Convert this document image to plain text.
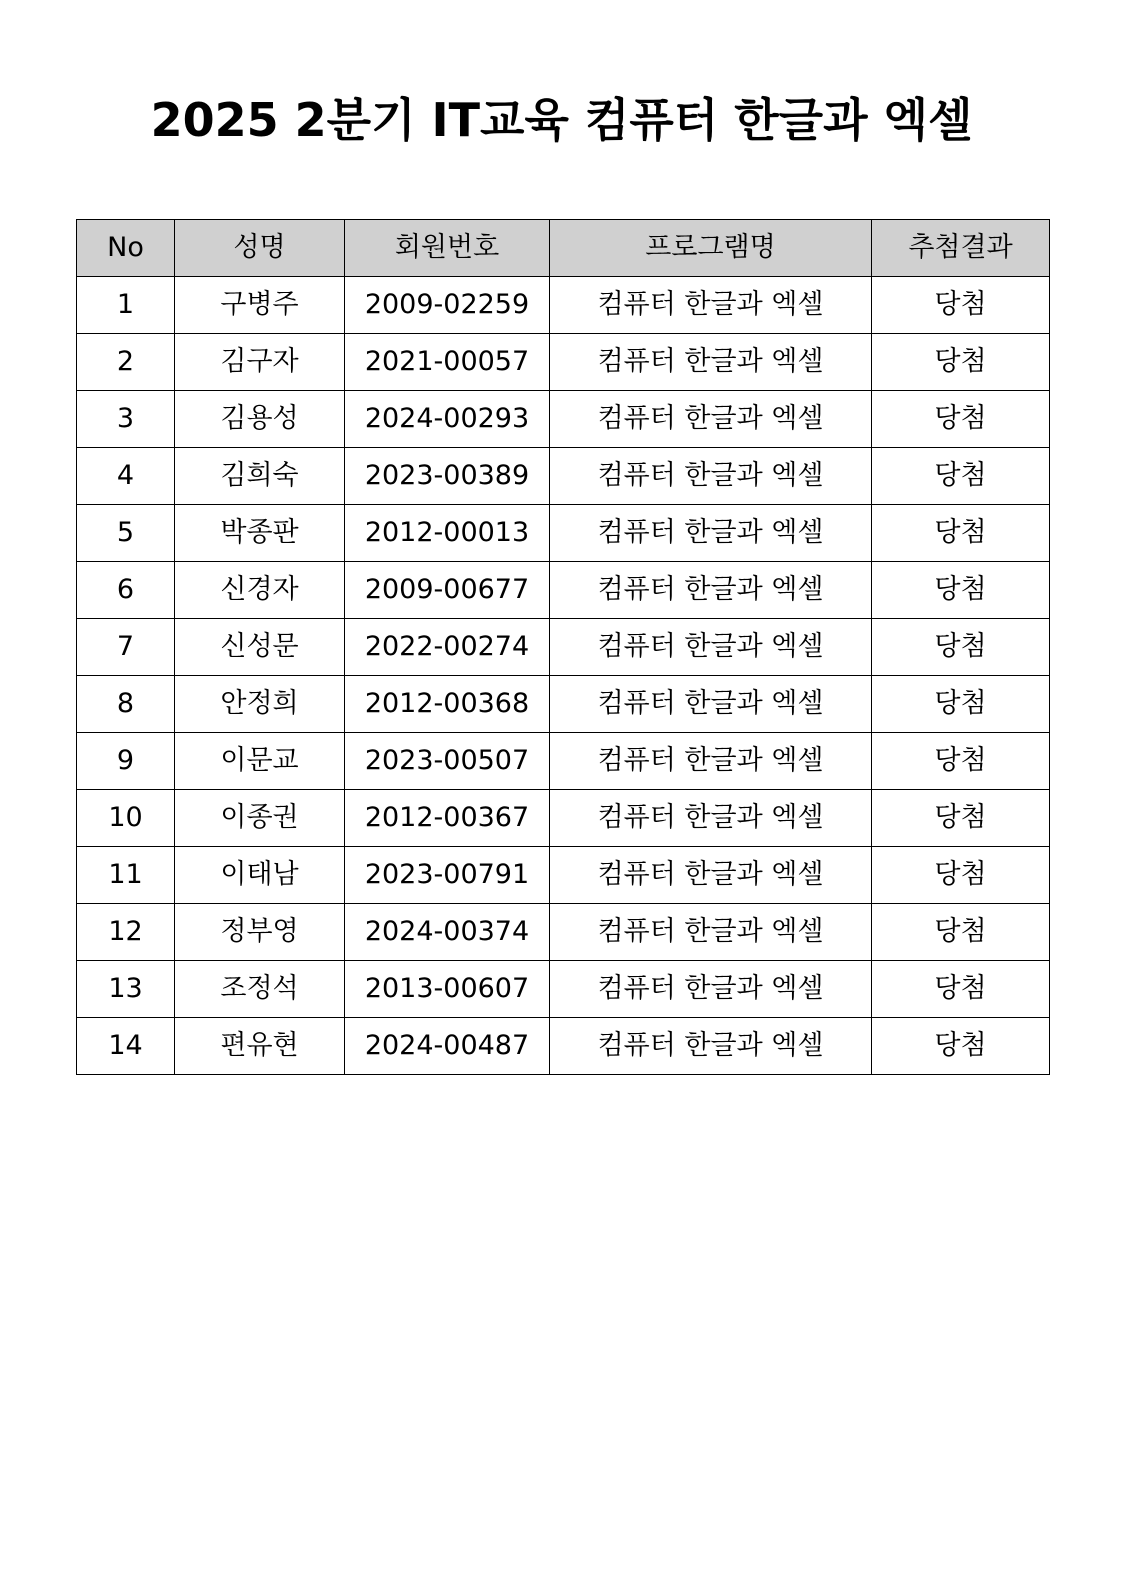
2025 2분기 IT교육 컴퓨터 한글과 엑셀
No	성명	회원번호	프로그램명	추첨결과
1	구병주	2009-02259	컴퓨터 한글과 엑셀	당첨
2	김구자	2021-00057	컴퓨터 한글과 엑셀	당첨
3	김용성	2024-00293	컴퓨터 한글과 엑셀	당첨
4	김희숙	2023-00389	컴퓨터 한글과 엑셀	당첨
5	박종판	2012-00013	컴퓨터 한글과 엑셀	당첨
6	신경자	2009-00677	컴퓨터 한글과 엑셀	당첨
7	신성문	2022-00274	컴퓨터 한글과 엑셀	당첨
8	안정희	2012-00368	컴퓨터 한글과 엑셀	당첨
9	이문교	2023-00507	컴퓨터 한글과 엑셀	당첨
10	이종권	2012-00367	컴퓨터 한글과 엑셀	당첨
11	이태남	2023-00791	컴퓨터 한글과 엑셀	당첨
12	정부영	2024-00374	컴퓨터 한글과 엑셀	당첨
13	조정석	2013-00607	컴퓨터 한글과 엑셀	당첨
14	편유현	2024-00487	컴퓨터 한글과 엑셀	당첨
